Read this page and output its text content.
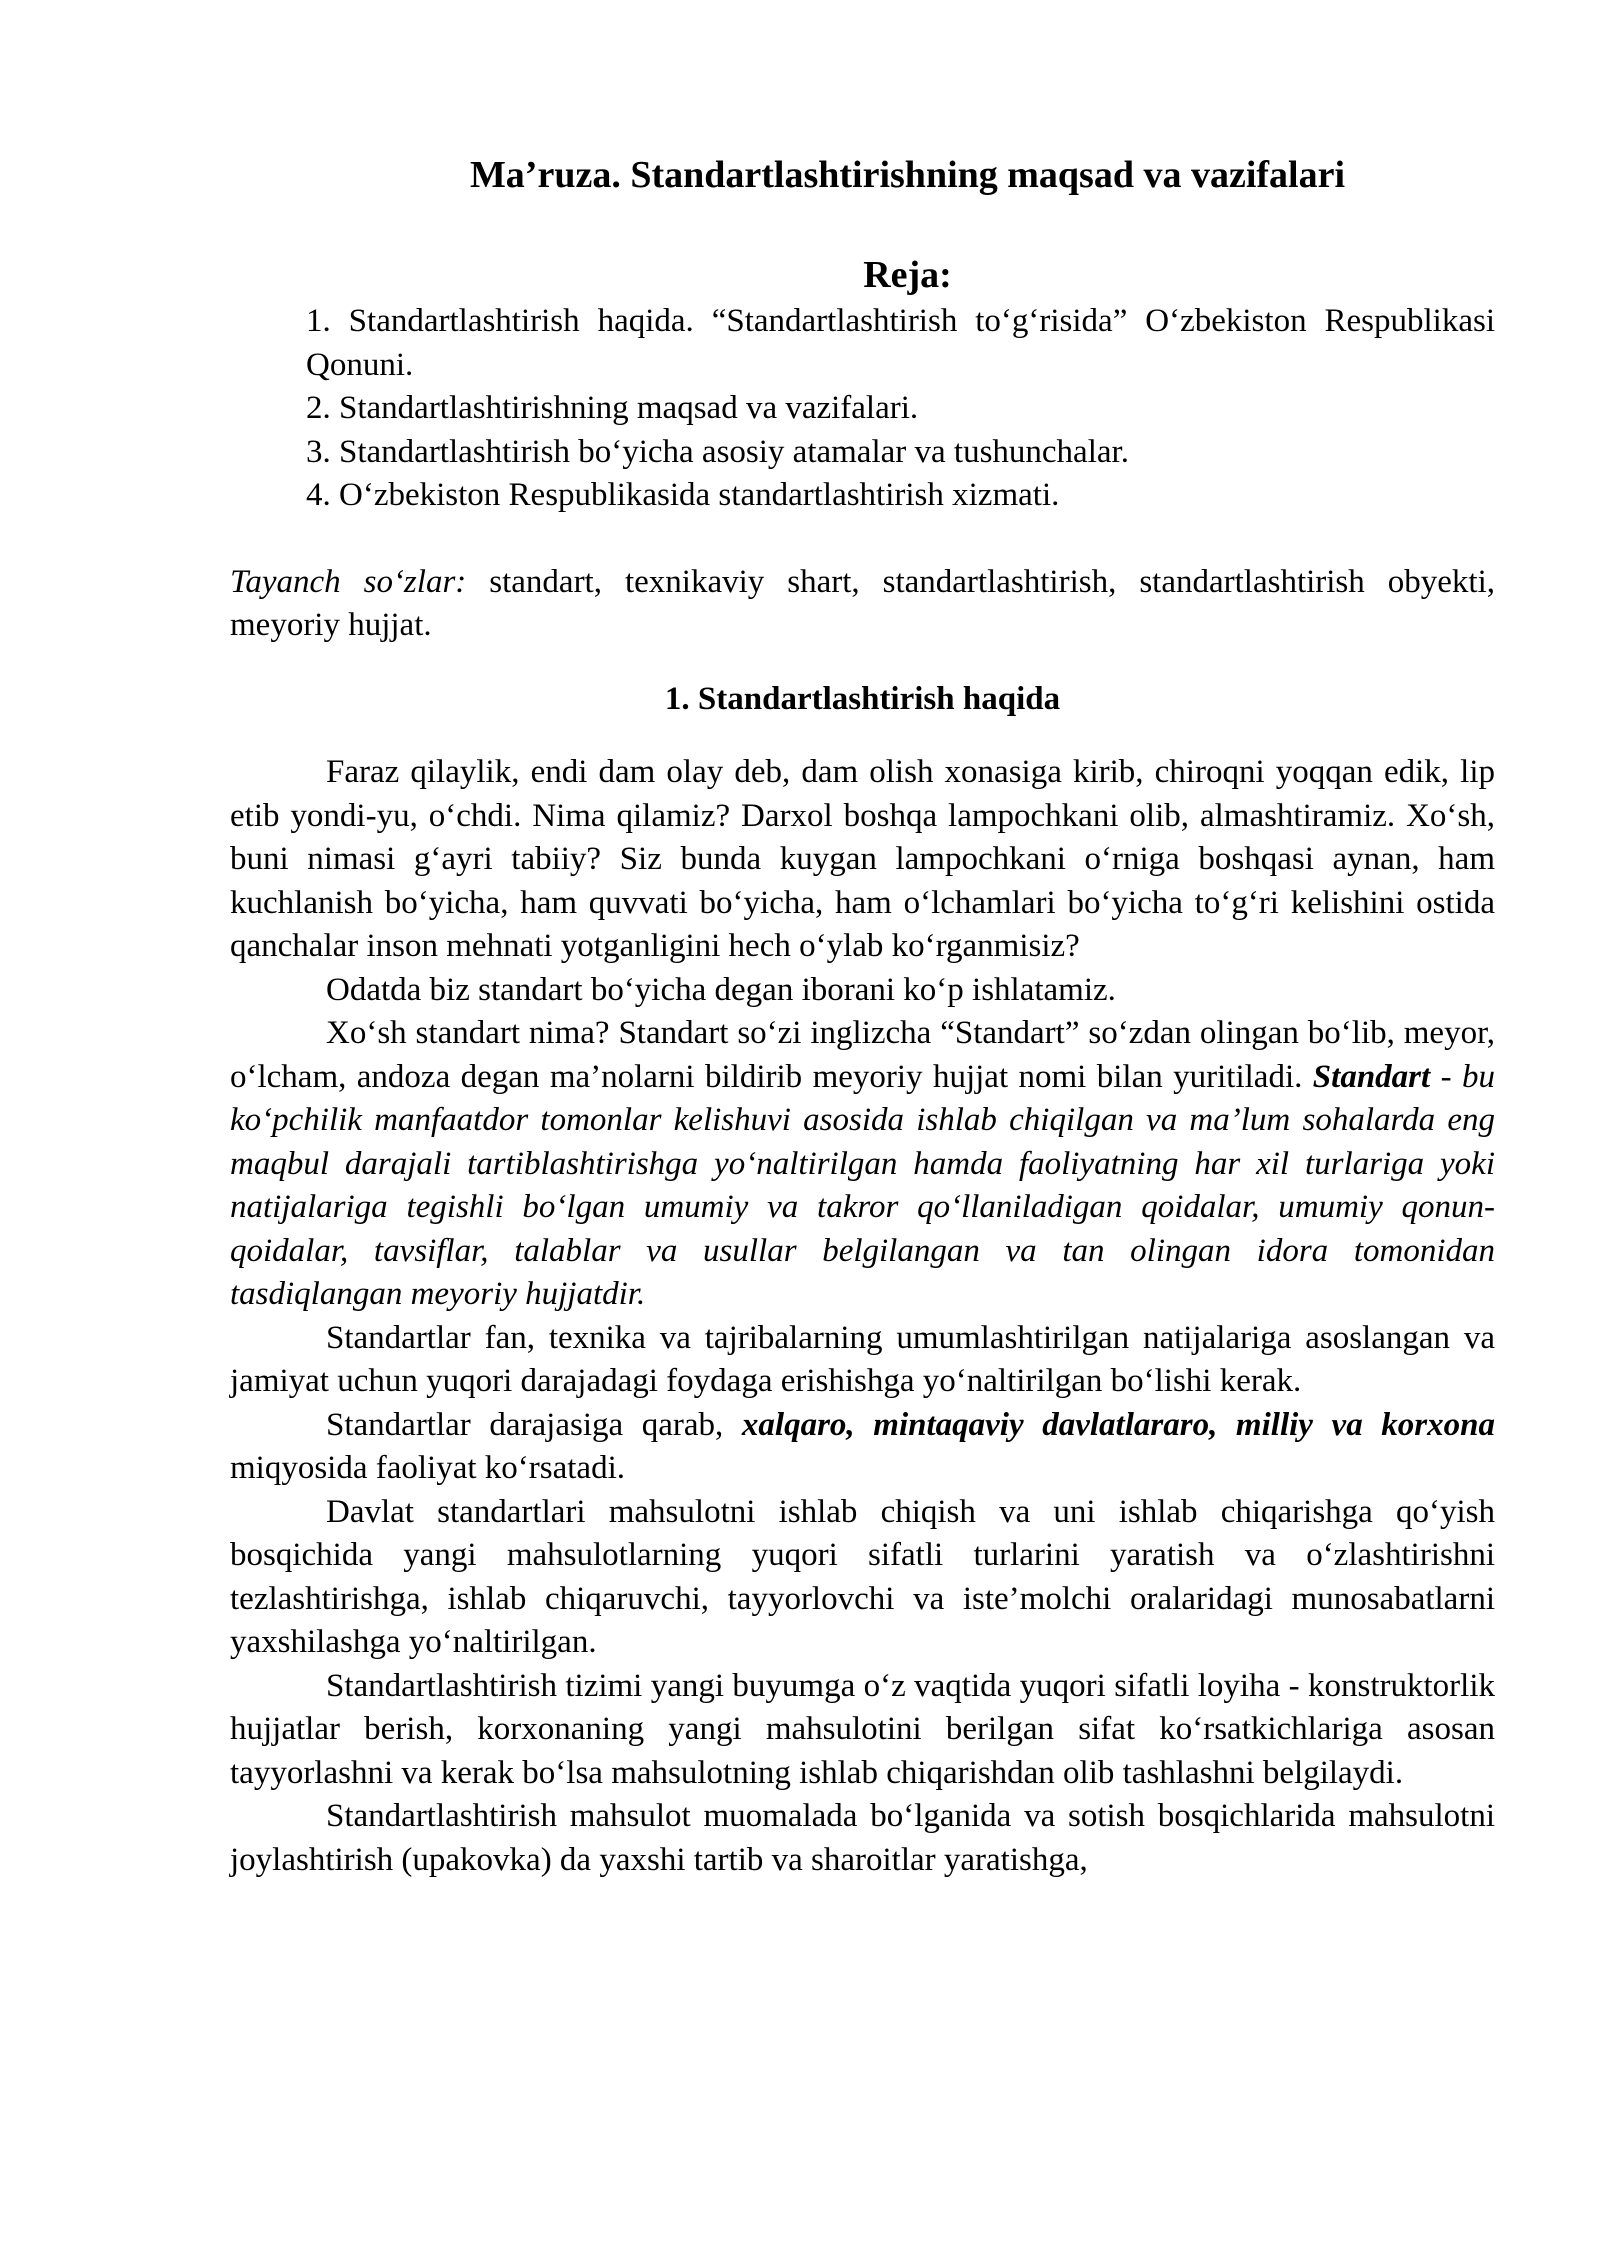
Ma’ruza. Standartlashtirishning maqsad va vazifalari
Reja:
1. Standartlashtirish haqida. “Standartlashtirish to‘g‘risida” O‘zbekiston Respublikasi Qonuni.
2. Standartlashtirishning maqsad va vazifalari.
3. Standartlashtirish bo‘yicha asosiy atamalar va tushunchalar.
4. O‘zbekiston Respublikasida standartlashtirish xizmati.

Tayanch so‘zlar: standart, texnikaviy shart, standartlashtirish, standartlashtirish obyekti, meyoriy hujjat.

1. Standartlashtirish haqida

Faraz qilaylik, endi dam olay deb, dam olish xonasiga kirib, chiroqni yoqqan edik, lip etib yondi-yu, o‘chdi. Nima qilamiz? Darxol boshqa lampochkani olib, almashtiramiz. Xo‘sh, buni nimasi g‘ayri tabiiy? Siz bunda kuygan lampochkani o‘rniga boshqasi aynan, ham kuchlanish bo‘yicha, ham quvvati bo‘yicha, ham o‘lchamlari bo‘yicha to‘g‘ri kelishini ostida qanchalar inson mehnati yotganligini hech o‘ylab ko‘rganmisiz?

Odatda biz standart bo‘yicha degan iborani ko‘p ishlatamiz.

Xo‘sh standart nima? Standart so‘zi inglizcha “Standart” so‘zdan olingan bo‘lib, meyor, o‘lcham, andoza degan ma’nolarni bildirib meyoriy hujjat nomi bilan yuritiladi. Standart - bu ko‘pchilik manfaatdor tomonlar kelishuvi asosida ishlab chiqilgan va ma’lum sohalarda eng maqbul darajali tartiblashtirishga yo‘naltirilgan hamda faoliyatning har xil turlariga yoki natijalariga tegishli bo‘lgan umumiy va takror qo‘llaniladigan qoidalar, umumiy qonun-qoidalar, tavsiflar, talablar va usullar belgilangan va tan olingan idora tomonidan tasdiqlangan meyoriy hujjatdir.

Standartlar fan, texnika va tajribalarning umumlashtirilgan natijalariga asoslangan va jamiyat uchun yuqori darajadagi foydaga erishishga yo‘naltirilgan bo‘lishi kerak.

Standartlar darajasiga qarab, xalqaro, mintaqaviy davlatlararo, milliy va korxona miqyosida faoliyat ko‘rsatadi.

Davlat standartlari mahsulotni ishlab chiqish va uni ishlab chiqarishga qo‘yish bosqichida yangi mahsulotlarning yuqori sifatli turlarini yaratish va o‘zlashtirishni tezlashtirishga, ishlab chiqaruvchi, tayyorlovchi va iste’molchi oralaridagi munosabatlarni yaxshilashga yo‘naltirilgan.

Standartlashtirish tizimi yangi buyumga o‘z vaqtida yuqori sifatli loyiha - konstruktorlik hujjatlar berish, korxonaning yangi mahsulotini berilgan sifat ko‘rsatkichlariga asosan tayyorlashni va kerak bo‘lsa mahsulotning ishlab chiqarishdan olib tashlashni belgilaydi.

Standartlashtirish mahsulot muomalada bo‘lganida va sotish bosqichlarida mahsulotni joylashtirish (upakovka) da yaxshi tartib va sharoitlar yaratishga,
